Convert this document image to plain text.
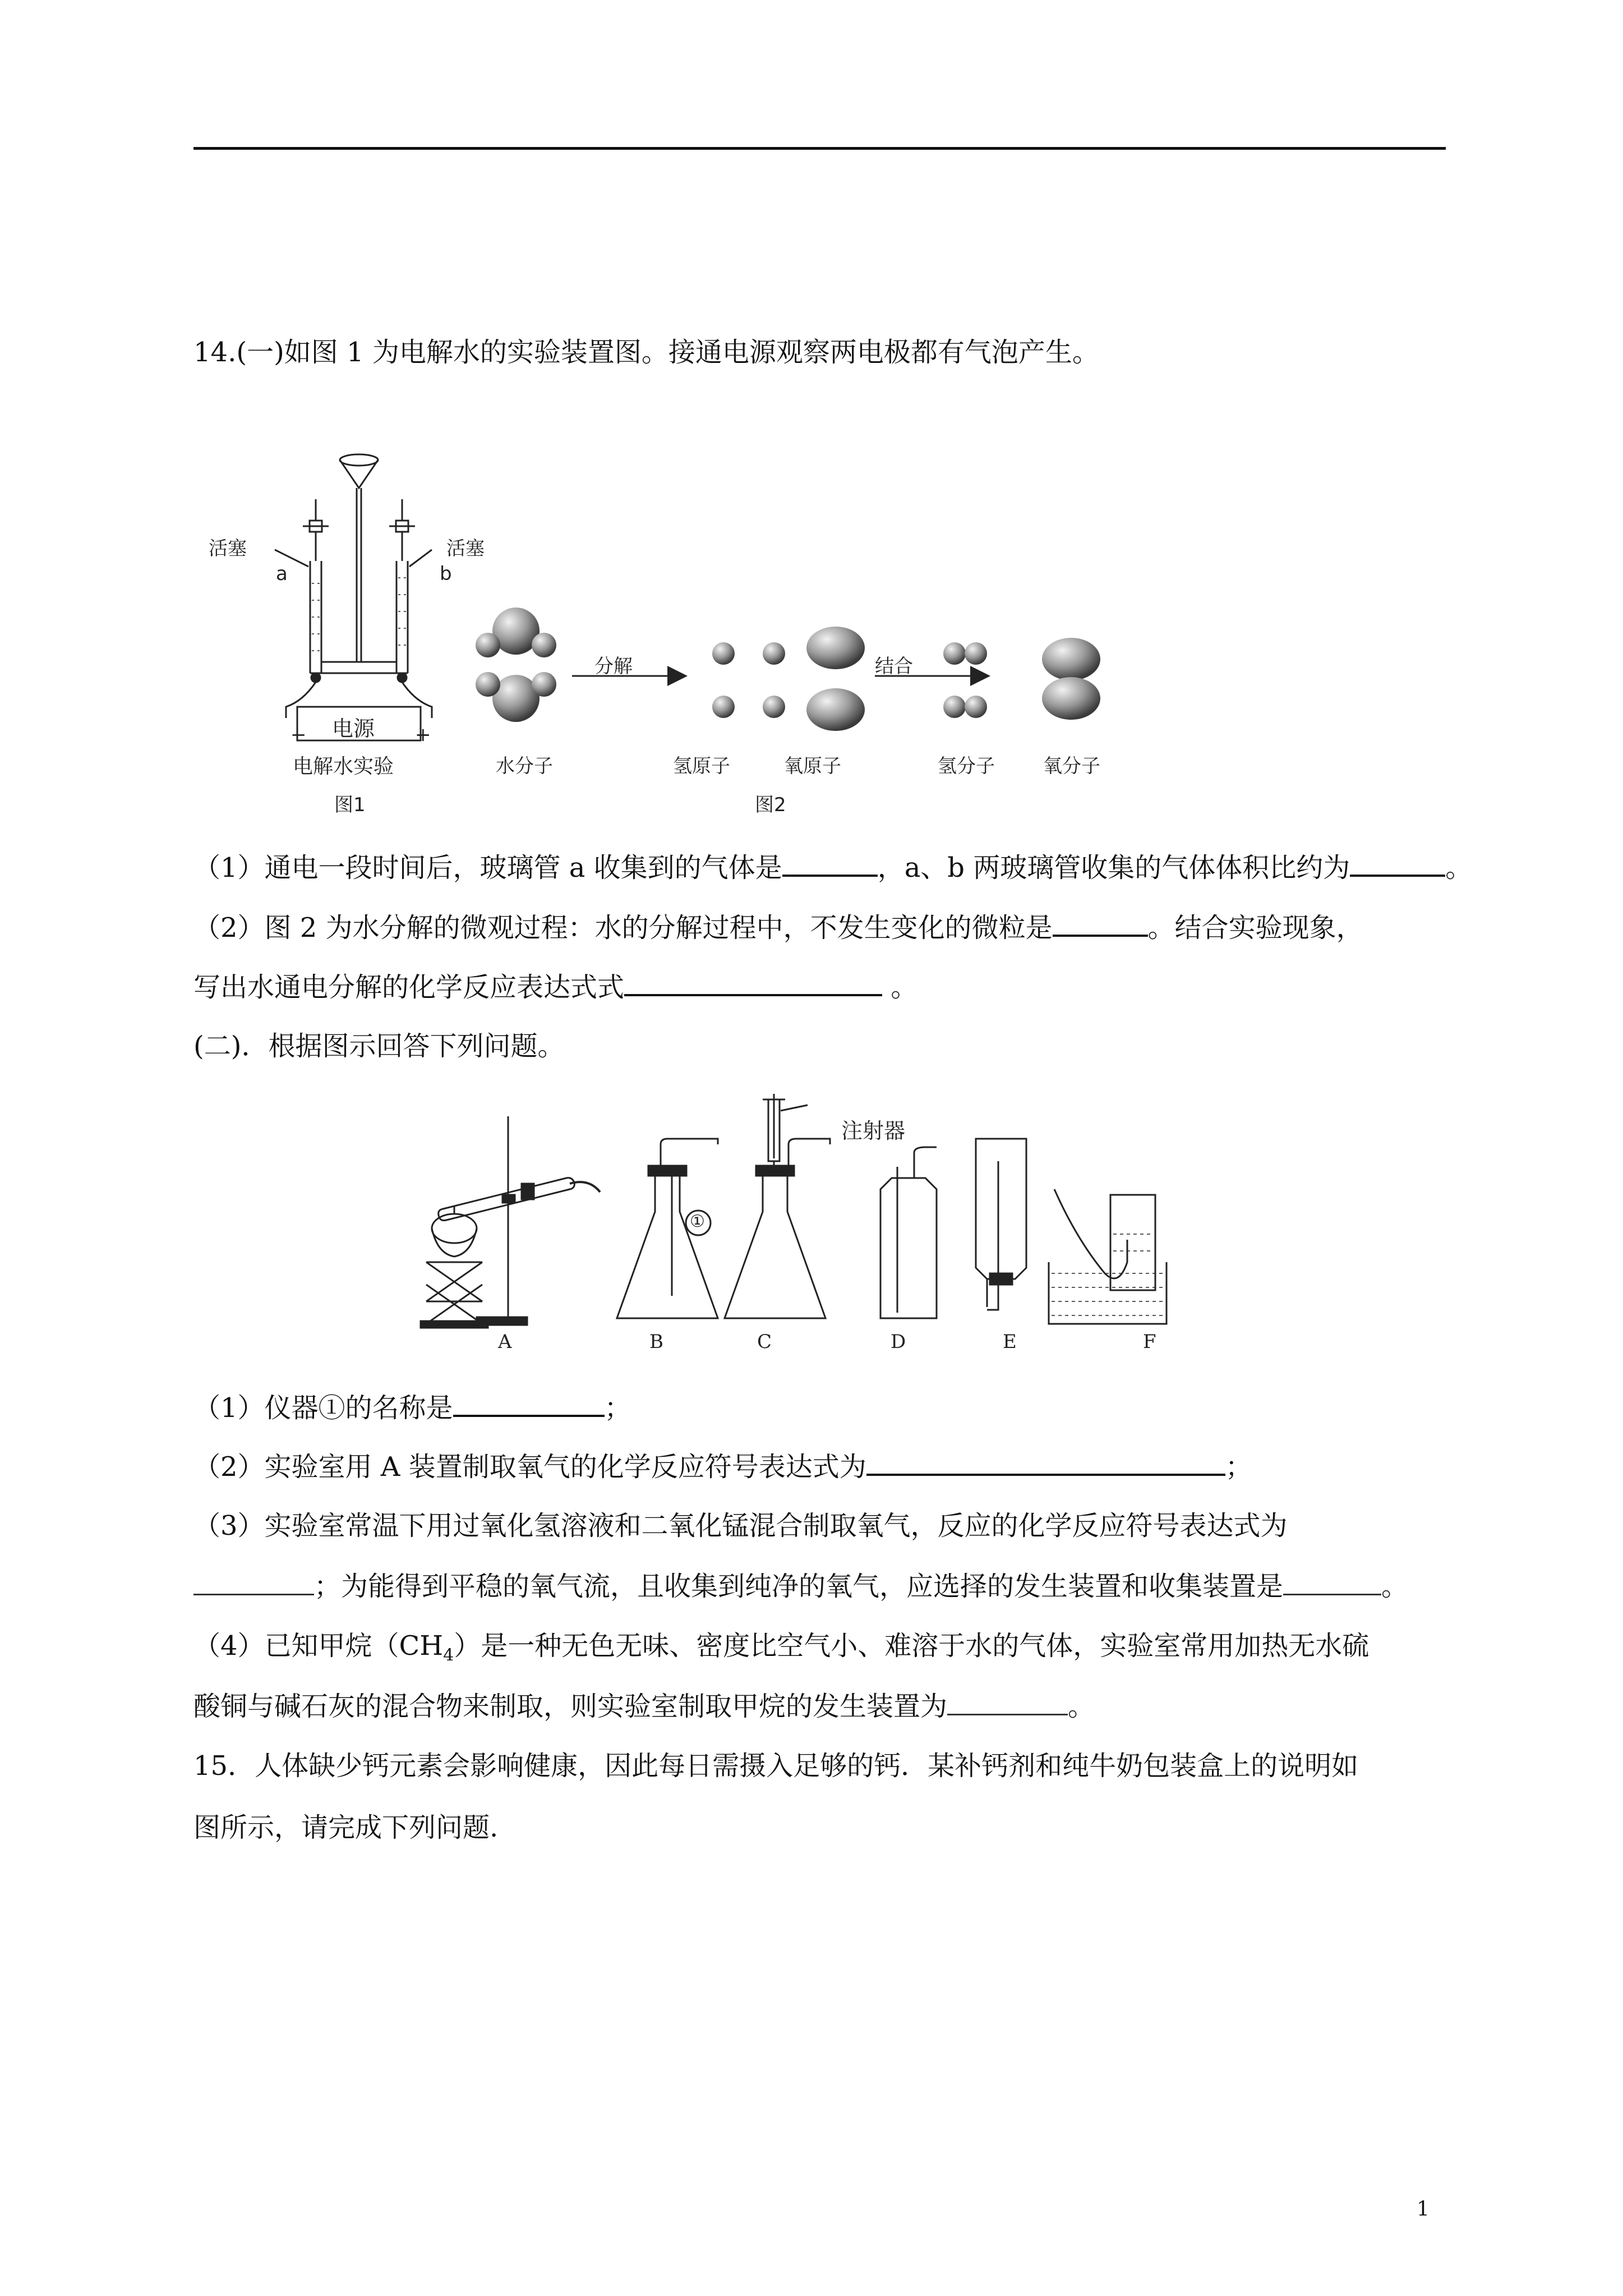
14.(一)如图 1 为电解水的实验装置图。接通电源观察两电极都有气泡产生。
活塞	活塞
a	b
电源
−	+
电解水实验
图1
水分子
分解
氢原子	氧原子
结合
氢分子	氧分子
图2
（1）通电一段时间后，玻璃管 a 收集到的气体是	，a、b 两玻璃管收集的气体体积比约为	。
（2）图 2 为水分解的微观过程：水的分解过程中，不发生变化的微粒是	。结合实验现象，
写出水通电分解的化学反应表达式式	。
(二)．根据图示回答下列问题。
注射器
①
A	B	C	D	E	F
（1）仪器①的名称是	；
（2）实验室用 A 装置制取氧气的化学反应符号表达式为	；
（3）实验室常温下用过氧化氢溶液和二氧化锰混合制取氧气，反应的化学反应符号表达式为
；为能得到平稳的氧气流，且收集到纯净的氧气，应选择的发生装置和收集装置是	。
（4）已知甲烷$(CH_4)$是一种无色无味、密度比空气小、难溶于水的气体，实验室常用加热无水硫
酸铜与碱石灰的混合物来制取，则实验室制取甲烷的发生装置为	。
15．人体缺少钙元素会影响健康，因此每日需摄入足够的钙．某补钙剂和纯牛奶包装盒上的说明如
图所示，请完成下列问题.
1
